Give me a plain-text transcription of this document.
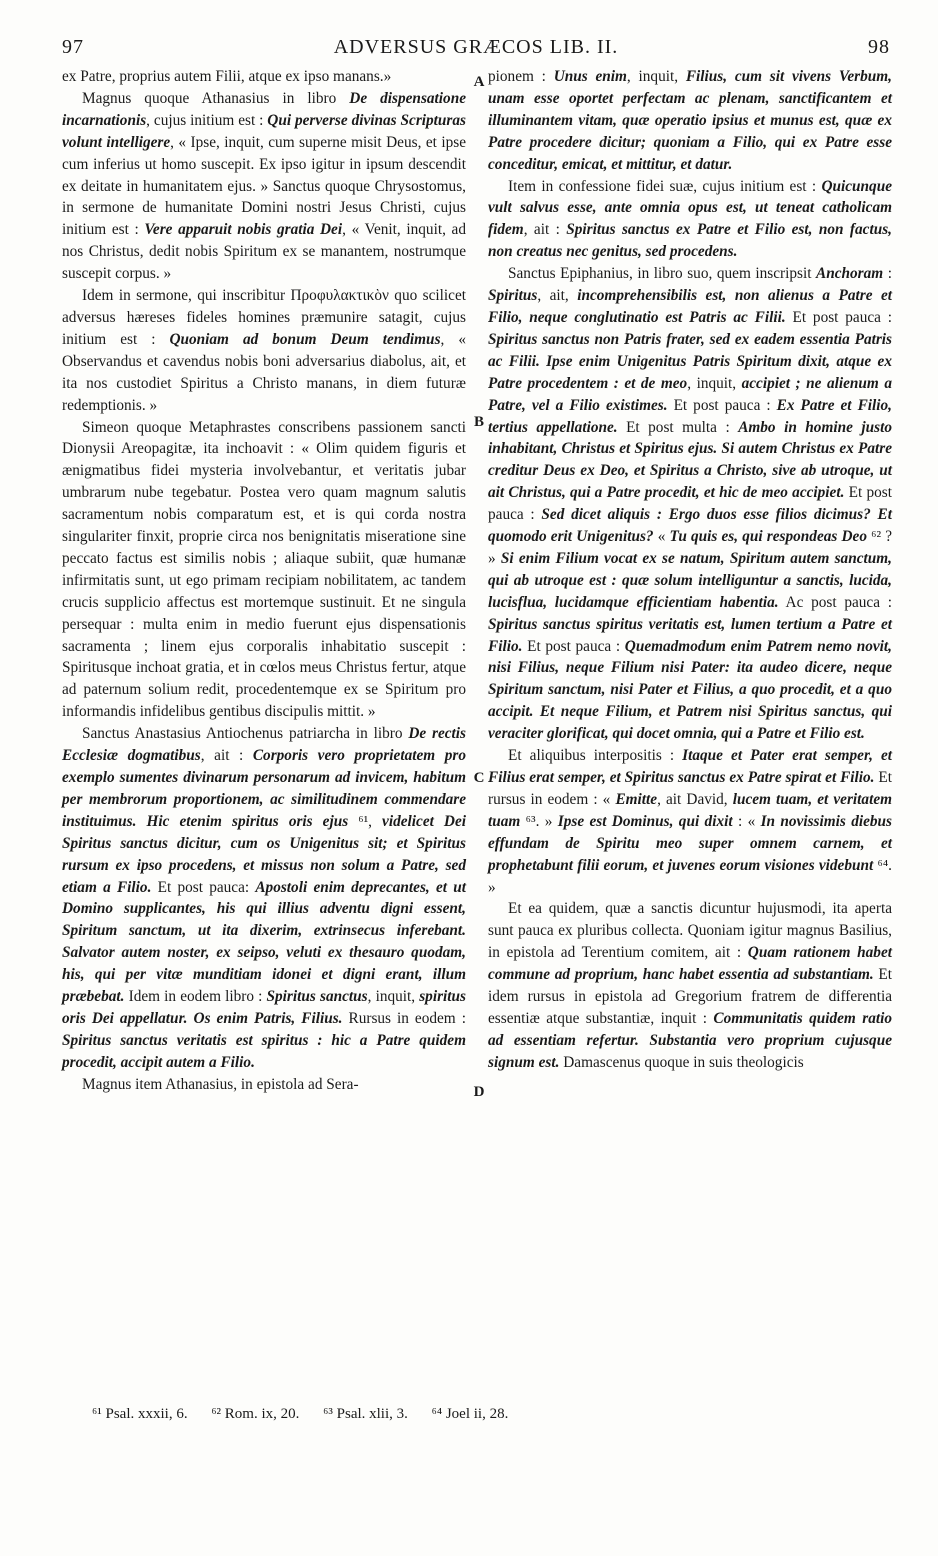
97	ADVERSUS GRÆCOS LIB. II.	98

ex Patre, proprius autem Filii, atque ex ipso manans.»

Magnus quoque Athanasius in libro De dispensatione incarnationis, cujus initium est : Qui perverse divinas Scripturas volunt intelligere, « Ipse, inquit, cum superne misit Deus, et ipse cum inferius ut homo suscepit. Ex ipso igitur in ipsum descendit ex deitate in humanitatem ejus. » Sanctus quoque Chrysostomus, in sermone de humanitate Domini nostri Jesus Christi, cujus initium est : Vere apparuit nobis gratia Dei, « Venit, inquit, ad nos Christus, dedit nobis Spiritum ex se manantem, nostrumque suscepit corpus. »

Idem in sermone, qui inscribitur Προφυλακτικὸν quo scilicet adversus hæreses fideles homines præmunire satagit, cujus initium est : Quoniam ad bonum Deum tendimus, « Observandus et cavendus nobis boni adversarius diabolus, ait, et ita nos custodiet Spiritus a Christo manans, in diem futuræ redemptionis. »

Simeon quoque Metaphrastes conscribens passionem sancti Dionysii Areopagitæ, ita inchoavit : « Olim quidem figuris et ænigmatibus fidei mysteria involvebantur, et veritatis jubar umbrarum nube tegebatur. Postea vero quam magnum salutis sacramentum nobis comparatum est, et is qui corda nostra singulariter finxit, proprie circa nos benignitatis miseratione sine peccato factus est similis nobis ; aliaque subiit, quæ humanæ infirmitatis sunt, ut ego primam recipiam nobilitatem, ac tandem crucis supplicio affectus est mortemque sustinuit. Et ne singula persequar : multa enim in medio fuerunt ejus dispensationis sacramenta ; linem ejus corporalis inhabitatio suscepit : Spiritusque inchoat gratia, et in cœlos meus Christus fertur, atque ad paternum solium redit, procedentemque ex se Spiritum pro informandis infidelibus gentibus discipulis mittit. »

Sanctus Anastasius Antiochenus patriarcha in libro De rectis Ecclesiæ dogmatibus, ait : Corporis vero proprietatem pro exemplo sumentes divinarum personarum ad invicem, habitum per membrorum proportionem, ac similitudinem commendare instituimus. Hic etenim spiritus oris ejus ⁶¹, videlicet Dei Spiritus sanctus dicitur, cum os Unigenitus sit; et Spiritus rursum ex ipso procedens, et missus non solum a Patre, sed etiam a Filio. Et post pauca: Apostoli enim deprecantes, et ut Domino supplicantes, his qui illius adventu digni essent, Spiritum sanctum, ut ita dixerim, extrinsecus inferebant. Salvator autem noster, ex seipso, veluti ex thesauro quodam, his, qui per vitæ munditiam idonei et digni erant, illum præbebat. Idem in eodem libro : Spiritus sanctus, inquit, spiritus oris Dei appellatur. Os enim Patris, Filius. Rursus in eodem : Spiritus sanctus veritatis est spiritus : hic a Patre quidem procedit, accipit autem a Filio.

Magnus item Athanasius, in epistola ad Sera-

pionem : Unus enim, inquit, Filius, cum sit vivens Verbum, unam esse oportet perfectam ac plenam, sanctificantem et illuminantem vitam, quæ operatio ipsius et munus est, quæ ex Patre procedere dicitur; quoniam a Filio, qui ex Patre esse conceditur, emicat, et mittitur, et datur.

Item in confessione fidei suæ, cujus initium est : Quicunque vult salvus esse, ante omnia opus est, ut teneat catholicam fidem, ait : Spiritus sanctus ex Patre et Filio est, non factus, non creatus nec genitus, sed procedens.

Sanctus Epiphanius, in libro suo, quem inscripsit Anchoram : Spiritus, ait, incomprehensibilis est, non alienus a Patre et Filio, neque conglutinatio est Patris ac Filii. Et post pauca : Spiritus sanctus non Patris frater, sed ex eadem essentia Patris ac Filii. Ipse enim Unigenitus Patris Spiritum dixit, atque ex Patre procedentem : et de meo, inquit, accipiet ; ne alienum a Patre, vel a Filio existimes. Et post pauca : Ex Patre et Filio, tertius appellatione. Et post multa : Ambo in homine justo inhabitant, Christus et Spiritus ejus. Si autem Christus ex Patre creditur Deus ex Deo, et Spiritus a Christo, sive ab utroque, ut ait Christus, qui a Patre procedit, et hic de meo accipiet. Et post pauca : Sed dicet aliquis : Ergo duos esse filios dicimus? Et quomodo erit Unigenitus? « Tu quis es, qui respondeas Deo ⁶² ? » Si enim Filium vocat ex se natum, Spiritum autem sanctum, qui ab utroque est : quæ solum intelliguntur a sanctis, lucida, lucisflua, lucidamque efficientiam habentia. Ac post pauca : Spiritus sanctus spiritus veritatis est, lumen tertium a Patre et Filio. Et post pauca : Quemadmodum enim Patrem nemo novit, nisi Filius, neque Filium nisi Pater: ita audeo dicere, neque Spiritum sanctum, nisi Pater et Filius, a quo procedit, et a quo accipit. Et neque Filium, et Patrem nisi Spiritus sanctus, qui veraciter glorificat, qui docet omnia, qui a Patre et Filio est.

Et aliquibus interpositis : Itaque et Pater erat semper, et Filius erat semper, et Spiritus sanctus ex Patre spirat et Filio. Et rursus in eodem : « Emitte, ait David, lucem tuam, et veritatem tuam ⁶³. » Ipse est Dominus, qui dixit : « In novissimis diebus effundam de Spiritu meo super omnem carnem, et prophetabunt filii eorum, et juvenes eorum visiones videbunt ⁶⁴. »

Et ea quidem, quæ a sanctis dicuntur hujusmodi, ita aperta sunt pauca ex pluribus collecta. Quoniam igitur magnus Basilius, in epistola ad Terentium comitem, ait : Quam rationem habet commune ad proprium, hanc habet essentia ad substantiam. Et idem rursus in epistola ad Gregorium fratrem de differentia essentiæ atque substantiæ, inquit : Communitatis quidem ratio ad essentiam refertur. Substantia vero proprium cujusque signum est. Damascenus quoque in suis theologicis

A
B
C
D
⁶¹ Psal. xxxii, 6. ⁶² Rom. ix, 20. ⁶³ Psal. xlii, 3. ⁶⁴ Joel ii, 28.
